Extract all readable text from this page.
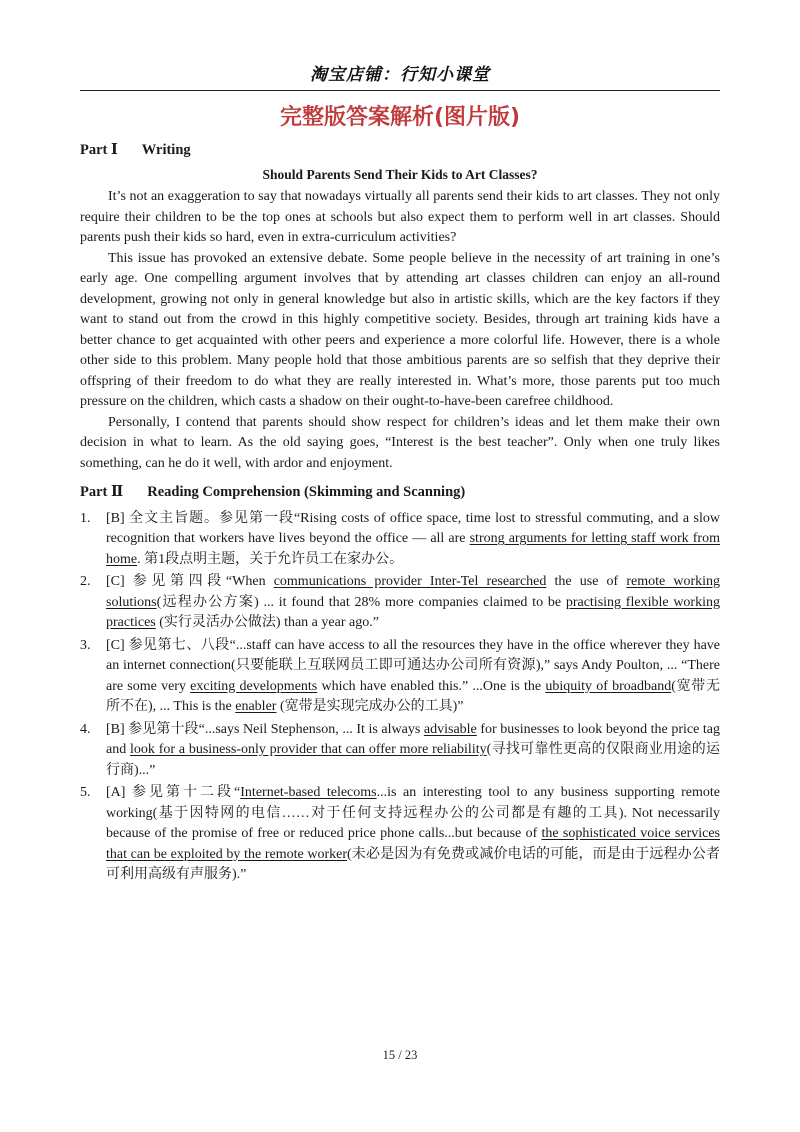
淘宝店铺：行知小课堂
完整版答案解析(图片版)
Part Ⅰ Writing
Should Parents Send Their Kids to Art Classes?

It’s not an exaggeration to say that nowadays virtually all parents send their kids to art classes. They not only require their children to be the top ones at schools but also expect them to perform well in art classes. Should parents push their kids so hard, even in extra-curriculum activities?

This issue has provoked an extensive debate. Some people believe in the necessity of art training in one’s early age. One compelling argument involves that by attending art classes children can enjoy an all-round development, growing not only in general knowledge but also in artistic skills, which are the key factors if they want to stand out from the crowd in this highly competitive society. Besides, through art training kids have a better chance to get acquainted with other peers and experience a more colorful life. However, there is a whole other side to this problem. Many people hold that those ambitious parents are so selfish that they deprive their offspring of their freedom to do what they are really interested in. What’s more, those parents put too much pressure on the children, which casts a shadow on their ought-to-have-been carefree childhood.

Personally, I contend that parents should show respect for children’s ideas and let them make their own decision in what to learn. As the old saying goes, “Interest is the best teacher”. Only when one truly likes something, can he do it well, with ardor and enjoyment.

Part Ⅱ Reading Comprehension (Skimming and Scanning)
1.	[B] 全文主旨题。参见第一段“Rising costs of office space, time lost to stressful commuting, and a slow recognition that workers have lives beyond the office — all are strong arguments for letting staff work from home. 第1段点明主题，关于允许员工在家办公。
2.	[C] 参见第四段“When communications provider Inter-Tel researched the use of remote working solutions(远程办公方案) ... it found that 28% more companies claimed to be practising flexible working practices (实行灵活办公做法) than a year ago.”
3.	[C] 参见第七、八段“...staff can have access to all the resources they have in the office wherever they have an internet connection(只要能联上互联网员工即可通达办公司所有资源),” says Andy Poulton, ... “There are some very exciting developments which have enabled this.” ...One is the ubiquity of broadband(宽带无所不在), ... This is the enabler (宽带是实现完成办公的工具)”
4.	[B] 参见第十段“...says Neil Stephenson, ... It is always advisable for businesses to look beyond the price tag and look for a business-only provider that can offer more reliability(寻找可靠性更高的仅限商业用途的运行商)...”
5.	[A] 参见第十二段“Internet-based telecoms...is an interesting tool to any business supporting remote working(基于因特网的电信……对于任何支持远程办公的公司都是有趣的工具). Not necessarily because of the promise of free or reduced price phone calls...but because of the sophisticated voice services that can be exploited by the remote worker(未必是因为有免费或减价电话的可能，而是由于远程办公者可利用高级有声服务).”
15 / 23
